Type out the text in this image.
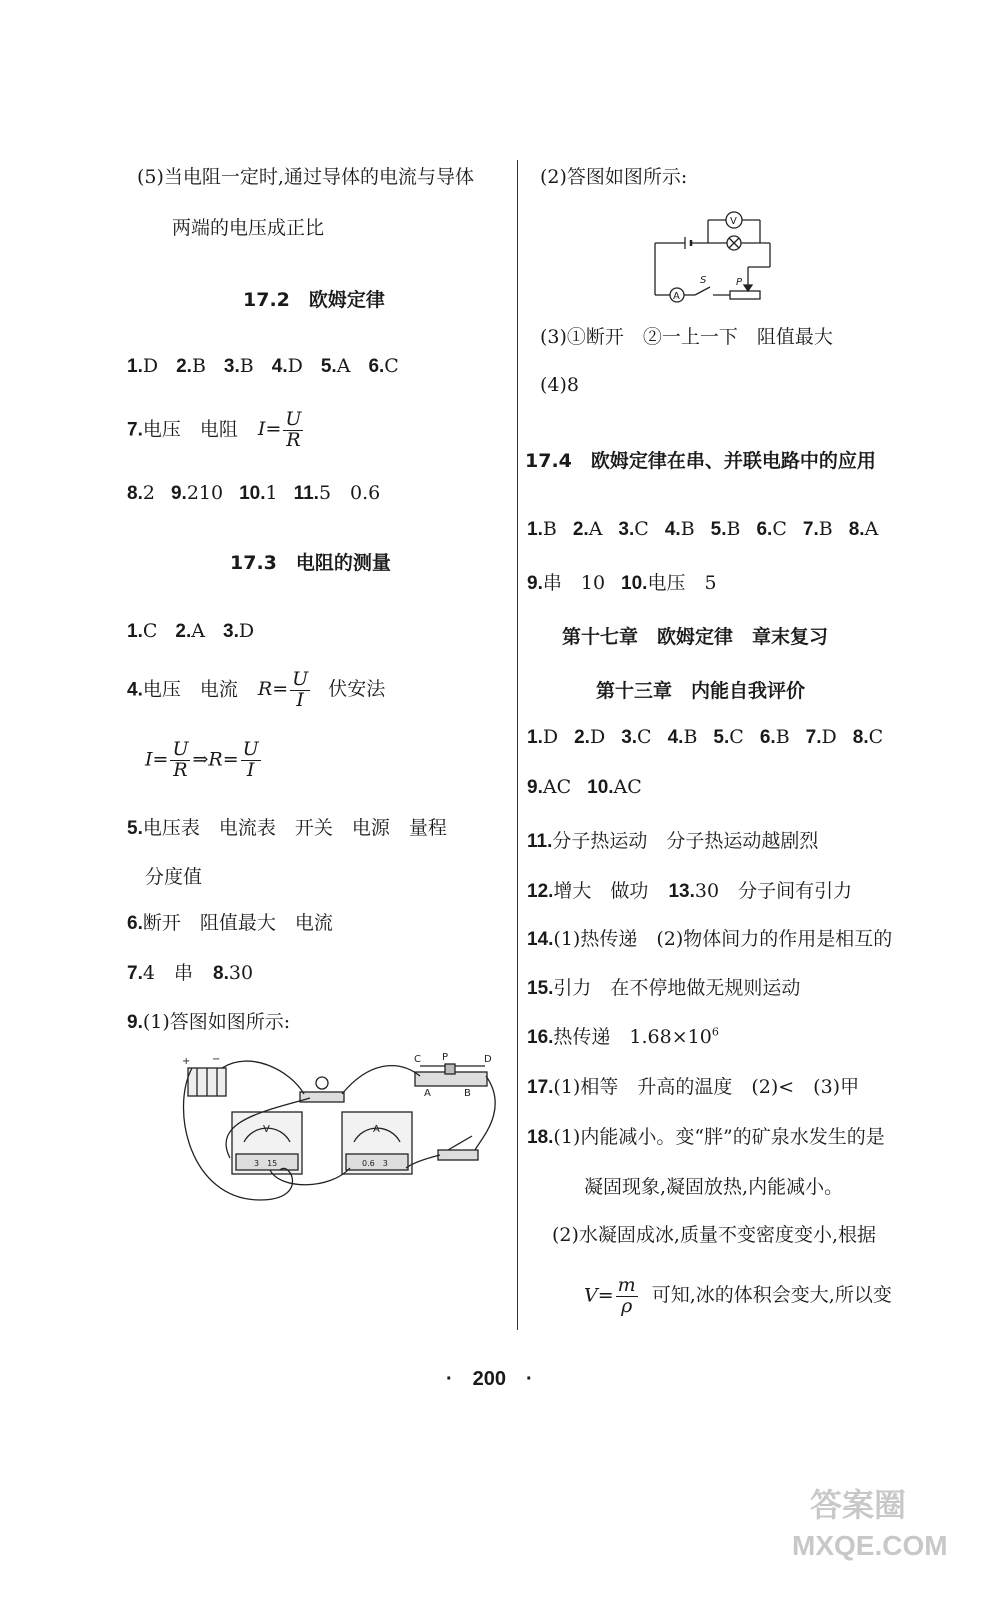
(5)当电阻一定时,通过导体的电流与导体
两端的电压成正比
17.2　欧姆定律
1.D 2.B 3.B 4.D 5.A 6.C
7.电压　电阻 $I= \frac{U}{R}$
8.2 9.210 10.1 11.5　0.6
17.3　电阻的测量
1.C 2.A 3.D
4.电压　电流 $R= \frac{U}{I}$ 伏安法
$I= \frac{U}{R}$ ⇒R= $\frac{U}{I}$
5.电压表　电流表　开关　电源　量程
分度值
6.断开　阻值最大　电流
7.4　串 8.30
9.(1)答图如图所示:
+ −	C P	D
A	B
V	A
3　15	0.6　3
(2)答图如图所示:
V
A
S	P
(3)①断开　②一上一下　阻值最大
(4)8
17.4　欧姆定律在串、并联电路中的应用
1.B 2.A 3.C 4.B 5.B 6.C 7.B 8.A
9.串　10 10.电压　5
第十七章　欧姆定律　章末复习
第十三章　内能自我评价
1.D 2.D 3.C 4.B 5.C 6.B 7.D 8.C
9.AC 10.AC
11.分子热运动　分子热运动越剧烈
12.增大　做功 13.30　分子间有引力
14.(1)热传递　(2)物体间力的作用是相互的
15.引力　在不停地做无规则运动
16.热传递　$1.68\times 10^6$
17.(1)相等　升高的温度　(2)<　(3)甲
18.(1)内能减小。变“胖”的矿泉水发生的是
凝固现象,凝固放热,内能减小。
(2)水凝固成冰,质量不变密度变小,根据
$V= \frac{m}{\rho}$ 可知,冰的体积会变大,所以变
·　200　·
答案圈
MXQE.COM
